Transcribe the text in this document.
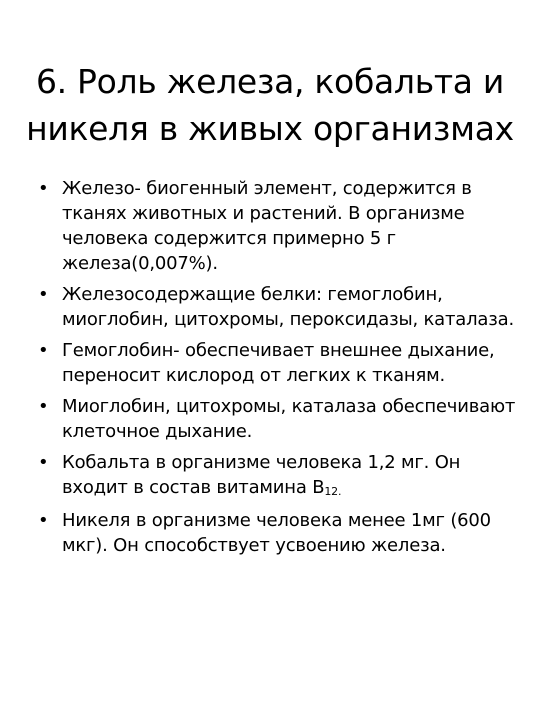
6. Роль железа, кобальта и никеля в живых организмах
• Железо- биогенный элемент, содержится в тканях животных и растений. В организме человека содержится примерно 5 г железа(0,007%).
• Железосодержащие белки: гемоглобин, миоглобин, цитохромы, пероксидазы, каталаза.
• Гемоглобин- обеспечивает внешнее дыхание, переносит кислород от легких к тканям.
• Миоглобин, цитохромы, каталаза обеспечивают клеточное дыхание.
• Кобальта в организме человека 1,2 мг. Он входит в состав витамина В12.
• Никеля в организме человека менее 1мг (600 мкг). Он способствует усвоению железа.
